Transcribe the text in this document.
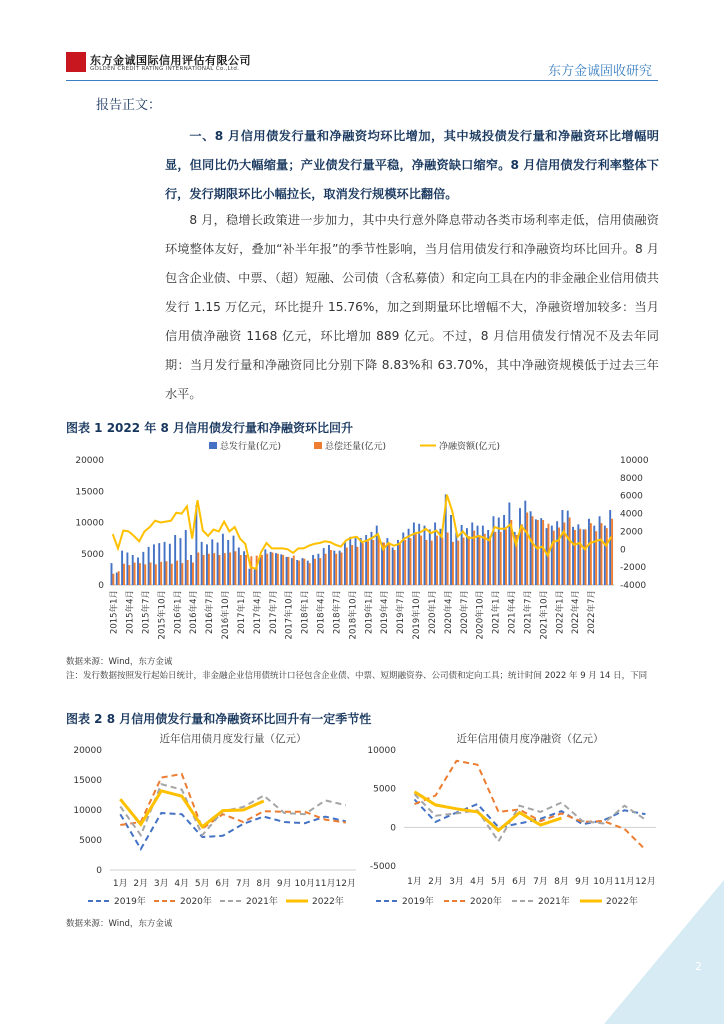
东方金诚国际信用评估有限公司
GOLDEN CREDIT RATING INTERNATIONAL Co.,Ltd.	东方金诚固收研究
报告正文：
一、8 月信用债发行量和净融资均环比增加，其中城投债发行量和净融资环比增幅明显，但同比仍大幅缩量；产业债发行量平稳，净融资缺口缩窄。8 月信用债发行利率整体下行，发行期限环比小幅拉长，取消发行规模环比翻倍。
8 月，稳增长政策进一步加力，其中央行意外降息带动各类市场利率走低，信用债融资环境整体友好，叠加“补半年报”的季节性影响，当月信用债发行和净融资均环比回升。8 月包含企业债、中票、（超）短融、公司债（含私募债）和定向工具在内的非金融企业信用债共发行 1.15 万亿元，环比提升 15.76%，加之到期量环比增幅不大，净融资增加较多：当月信用债净融资 1168 亿元，环比增加 889 亿元。不过，8 月信用债发行情况不及去年同期：当月发行量和净融资同比分别下降 8.83%和 63.70%，其中净融资规模低于过去三年水平。
图表 1 2022 年 8 月信用债发行量和净融资环比回升
总发行量(亿元)	总偿还量(亿元)	净融资额(亿元)
0
5000
10000
15000
20000
-4000
-2000
0
2000
4000
6000
8000
10000
2015年1月 2015年4月 2015年7月 2015年10月 2016年1月 2016年4月 2016年7月 2016年10月 2017年1月 2017年4月 2017年7月 2017年10月 2018年1月 2018年4月 2018年7月 2018年10月 2019年1月 2019年4月 2019年7月 2019年10月 2020年1月 2020年4月 2020年7月 2020年10月 2021年1月 2021年4月 2021年7月 2021年10月 2022年1月 2022年4月 2022年7月
数据来源：Wind，东方金诚
注：发行数据按照发行起始日统计，非金融企业信用债统计口径包含企业债、中票、短期融资券、公司债和定向工具；统计时间 2022 年 9 月 14 日，下同
图表 2 8 月信用债发行量和净融资环比回升有一定季节性
近年信用债月度发行量（亿元）
0
5000
10000
15000
20000
1月 2月 3月 4月 5月 6月 7月 8月 9月 10月 11月 12月
2019年	2020年	2021年	2022年
近年信用债月度净融资（亿元）
-5000
0
5000
10000
1月 2月 3月 4月 5月 6月 7月 8月 9月 10月 11月 12月
2019年	2020年	2021年	2022年
数据来源：Wind，东方金诚
2
